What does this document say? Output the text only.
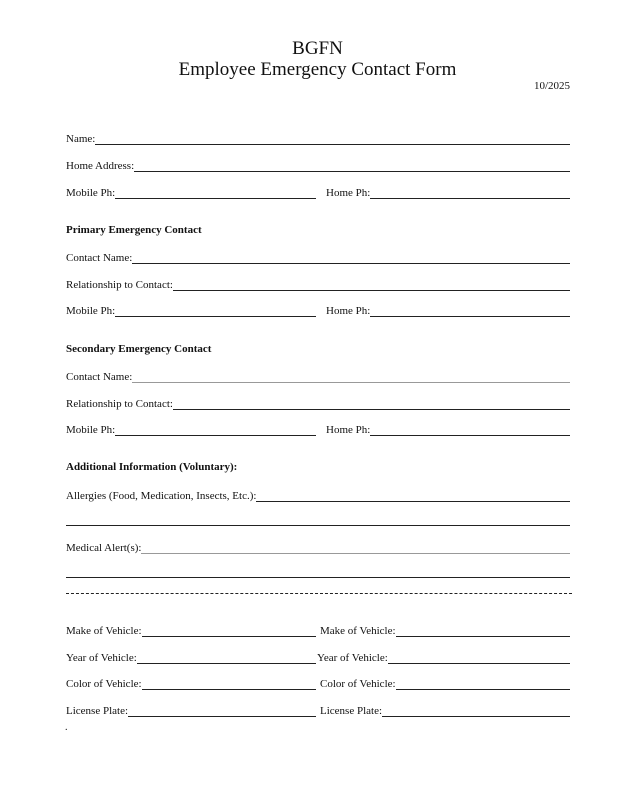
BGFN
Employee Emergency Contact Form
10/2025
Name:
Home Address:
Mobile Ph:	Home Ph:
Primary Emergency Contact
Contact Name:
Relationship to Contact:
Mobile Ph:	Home Ph:
Secondary Emergency Contact
Contact Name:
Relationship to Contact:
Mobile Ph:	Home Ph:
Additional Information (Voluntary):
Allergies (Food, Medication, Insects, Etc.):
Medical Alert(s):
Make of Vehicle:	Make of Vehicle:
Year of Vehicle:	Year of Vehicle:
Color of Vehicle:	Color of Vehicle:
License Plate:	License Plate:
.
